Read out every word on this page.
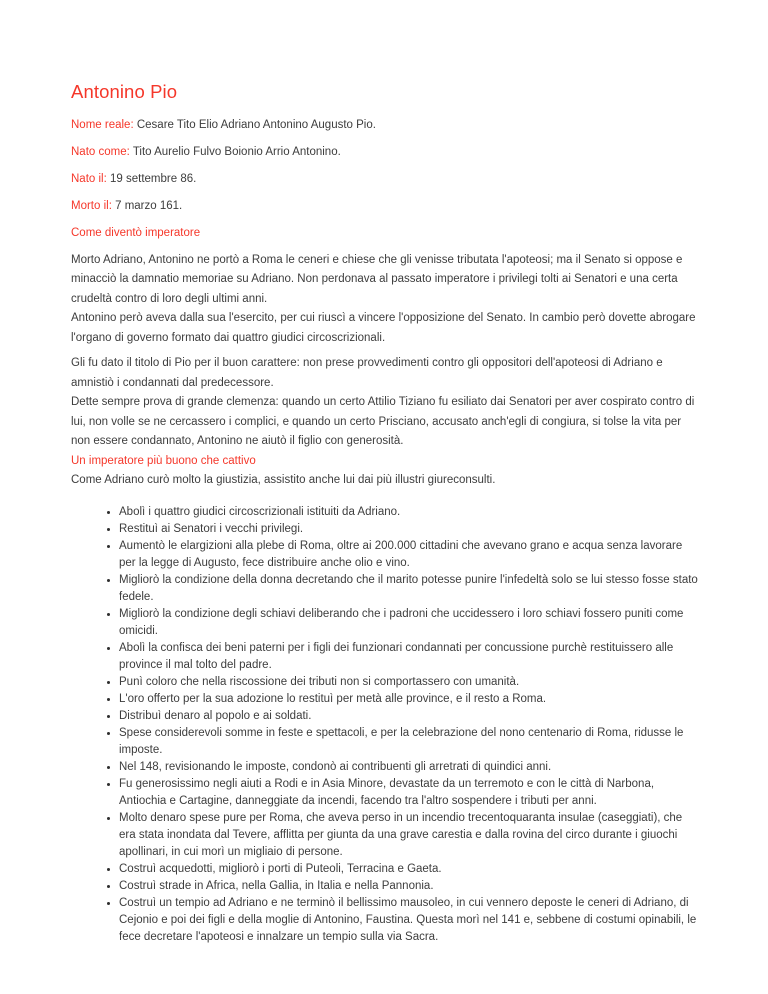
Antonino Pio

Nome reale: Cesare Tito Elio Adriano Antonino Augusto Pio.

Nato come: Tito Aurelio Fulvo Boionio Arrio Antonino.

Nato il: 19 settembre 86.

Morto il: 7 marzo 161.

Come diventò imperatore

Morto Adriano, Antonino ne portò a Roma le ceneri e chiese che gli venisse tributata l'apoteosi; ma il Senato si oppose e minacciò la damnatio memoriae su Adriano. Non perdonava al passato imperatore i privilegi tolti ai Senatori e una certa crudeltà contro di loro degli ultimi anni.
Antonino però aveva dalla sua l'esercito, per cui riuscì a vincere l'opposizione del Senato. In cambio però dovette abrogare l'organo di governo formato dai quattro giudici circoscrizionali.
Gli fu dato il titolo di Pio per il buon carattere: non prese provvedimenti contro gli oppositori dell'apoteosi di Adriano e amnistiò i condannati dal predecessore.
Dette sempre prova di grande clemenza: quando un certo Attilio Tiziano fu esiliato dai Senatori per aver cospirato contro di lui, non volle se ne cercassero i complici, e quando un certo Prisciano, accusato anch'egli di congiura, si tolse la vita per non essere condannato, Antonino ne aiutò il figlio con generosità.

Un imperatore più buono che cattivo

Come Adriano curò molto la giustizia, assistito anche lui dai più illustri giureconsulti.

• Abolì i quattro giudici circoscrizionali istituiti da Adriano.
• Restituì ai Senatori i vecchi privilegi.
• Aumentò le elargizioni alla plebe di Roma, oltre ai 200.000 cittadini che avevano grano e acqua senza lavorare per la legge di Augusto, fece distribuire anche olio e vino.
• Migliorò la condizione della donna decretando che il marito potesse punire l'infedeltà solo se lui stesso fosse stato fedele.
• Migliorò la condizione degli schiavi deliberando che i padroni che uccidessero i loro schiavi fossero puniti come omicidi.
• Abolì la confisca dei beni paterni per i figli dei funzionari condannati per concussione purchè restituissero alle province il mal tolto del padre.
• Punì coloro che nella riscossione dei tributi non si comportassero con umanità.
• L'oro offerto per la sua adozione lo restituì per metà alle province, e il resto a Roma.
• Distribuì denaro al popolo e ai soldati.
• Spese considerevoli somme in feste e spettacoli, e per la celebrazione del nono centenario di Roma, ridusse le imposte.
• Nel 148, revisionando le imposte, condonò ai contribuenti gli arretrati di quindici anni.
• Fu generosissimo negli aiuti a Rodi e in Asia Minore, devastate da un terremoto e con le città di Narbona, Antiochia e Cartagine, danneggiate da incendi, facendo tra l'altro sospendere i tributi per anni.
• Molto denaro spese pure per Roma, che aveva perso in un incendio trecentoquaranta insulae (caseggiati), che era stata inondata dal Tevere, afflitta per giunta da una grave carestia e dalla rovina del circo durante i giuochi apollinari, in cui morì un migliaio di persone.
• Costruì acquedotti, migliorò i porti di Puteoli, Terracina e Gaeta.
• Costruì strade in Africa, nella Gallia, in Italia e nella Pannonia.
• Costruì un tempio ad Adriano e ne terminò il bellissimo mausoleo, in cui vennero deposte le ceneri di Adriano, di Cejonio e poi dei figli e della moglie di Antonino, Faustina. Questa morì nel 141 e, sebbene di costumi opinabili, le fece decretare l'apoteosi e innalzare un tempio sulla via Sacra.
